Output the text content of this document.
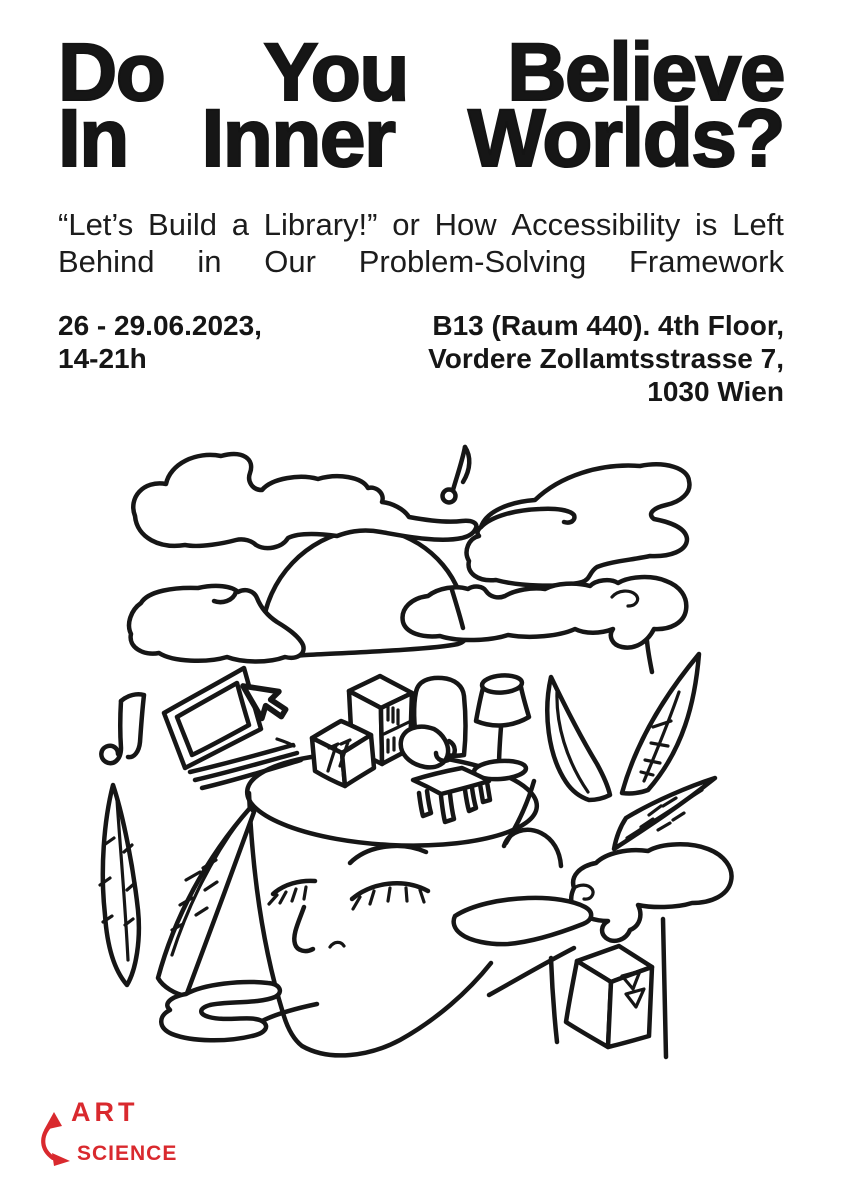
Do You Believe
In Inner Worlds?
“Let’s Build a Library!” or How Accessibility is Left
Behind in Our Problem-Solving Framework
26 - 29.06.2023,
14-21h
B13 (Raum 440). 4th Floor,
Vordere Zollamtsstrasse 7,
1030 Wien
ART
SCIENCE
